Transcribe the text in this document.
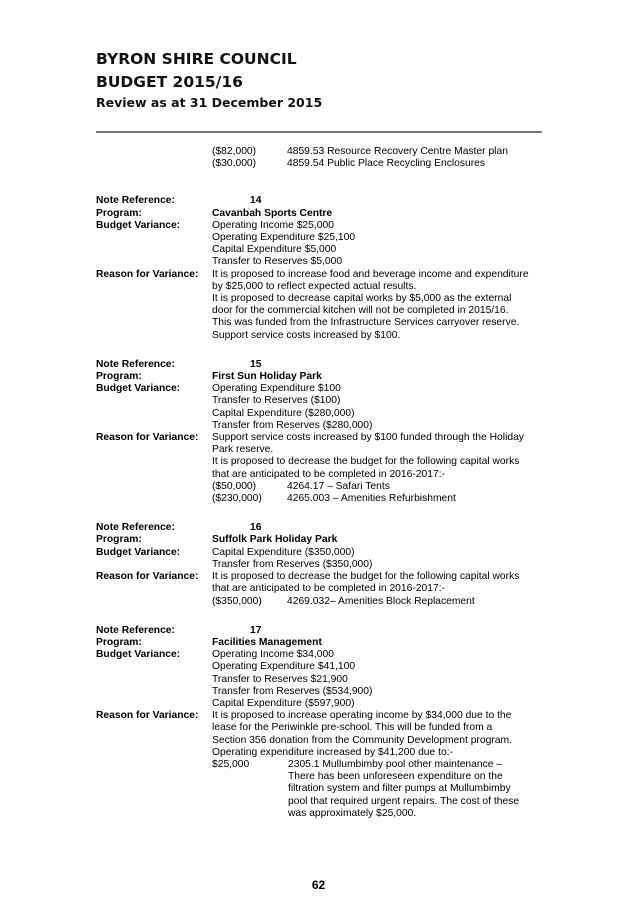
BYRON SHIRE COUNCIL
BUDGET 2015/16
Review as at 31 December 2015
($82,000)	4859.53 Resource Recovery Centre Master plan
($30,000)	4859.54 Public Place Recycling Enclosures
Note Reference:	14
Program:	Cavanbah Sports Centre
Budget Variance:	Operating Income $25,000
Operating Expenditure $25,100
Capital Expenditure $5,000
Transfer to Reserves $5,000
Reason for Variance:	It is proposed to increase food and beverage income and expenditure
by $25,000 to reflect expected actual results.
It is proposed to decrease capital works by $5,000 as the external
door for the commercial kitchen will not be completed in 2015/16.
This was funded from the Infrastructure Services carryover reserve.
Support service costs increased by $100.
Note Reference:	15
Program:	First Sun Holiday Park
Budget Variance:	Operating Expenditure $100
Transfer to Reserves ($100)
Capital Expenditure ($280,000)
Transfer from Reserves ($280,000)
Reason for Variance:	Support service costs increased by $100 funded through the Holiday
Park reserve.
It is proposed to decrease the budget for the following capital works
that are anticipated to be completed in 2016-2017:-
($50,000)	4264.17 – Safari Tents
($230,000) 4265.003 – Amenities Refurbishment
Note Reference:	16
Program:	Suffolk Park Holiday Park
Budget Variance:	Capital Expenditure ($350,000)
Transfer from Reserves ($350,000)
Reason for Variance:	It is proposed to decrease the budget for the following capital works
that are anticipated to be completed in 2016-2017:-
($350,000) 4269.032– Amenities Block Replacement
Note Reference:	17
Program:	Facilities Management
Budget Variance:	Operating Income $34,000
Operating Expenditure $41,100
Transfer to Reserves $21,900
Transfer from Reserves ($534,900)
Capital Expenditure ($597,900)
Reason for Variance:	It is proposed to increase operating income by $34,000 due to the
lease for the Periwinkle pre-school. This will be funded from a
Section 356 donation from the Community Development program.
Operating expenditure increased by $41,200 due to:-
$25,000	2305.1 Mullumbimby pool other maintenance –
There has been unforeseen expenditure on the
filtration system and filter pumps at Mullumbimby
pool that required urgent repairs. The cost of these
was approximately $25,000.
62
